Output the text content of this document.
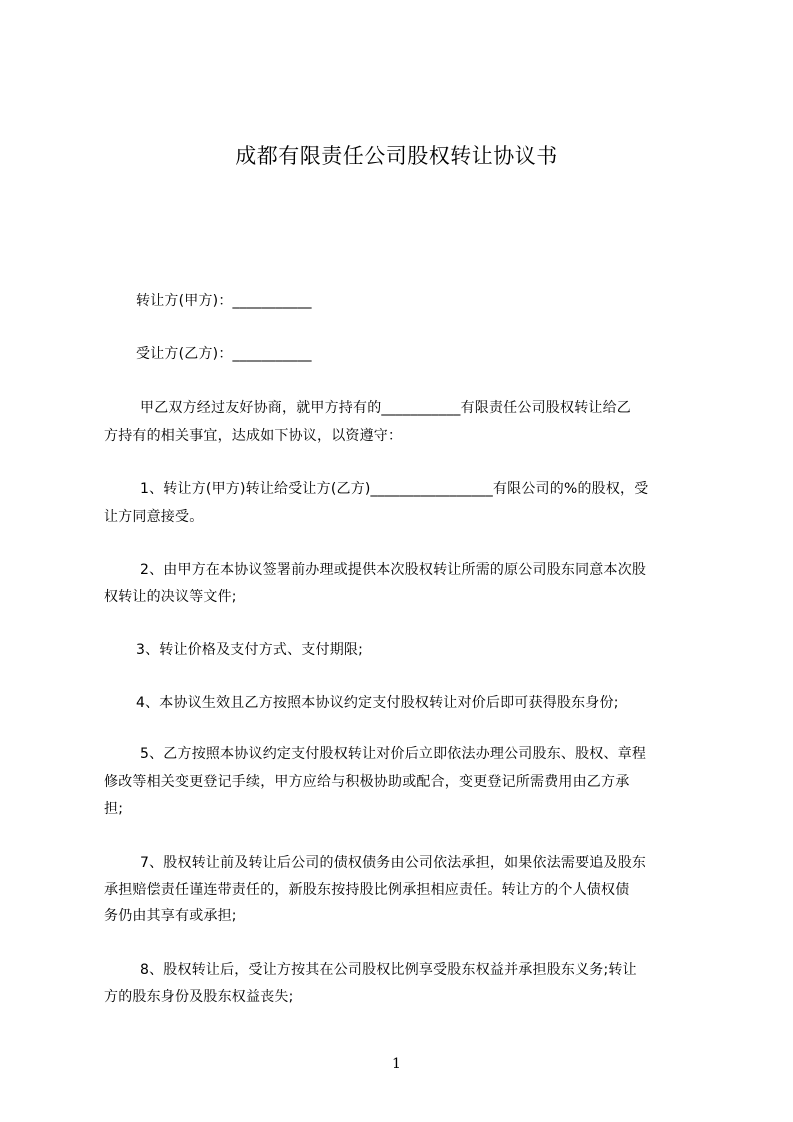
成都有限责任公司股权转让协议书
转让方(甲方)：___________
受让方(乙方)：___________
甲乙双方经过友好协商，就甲方持有的___________有限责任公司股权转让给乙
方持有的相关事宜，达成如下协议，以资遵守：
1、转让方(甲方)转让给受让方(乙方)_________________有限公司的%的股权，受
让方同意接受。
2、由甲方在本协议签署前办理或提供本次股权转让所需的原公司股东同意本次股
权转让的决议等文件;
3、转让价格及支付方式、支付期限;
4、本协议生效且乙方按照本协议约定支付股权转让对价后即可获得股东身份;
5、乙方按照本协议约定支付股权转让对价后立即依法办理公司股东、股权、章程
修改等相关变更登记手续，甲方应给与积极协助或配合，变更登记所需费用由乙方承
担;
7、股权转让前及转让后公司的债权债务由公司依法承担，如果依法需要追及股东
承担赔偿责任谨连带责任的，新股东按持股比例承担相应责任。转让方的个人债权债
务仍由其享有或承担;
8、股权转让后，受让方按其在公司股权比例享受股东权益并承担股东义务;转让
方的股东身份及股东权益丧失;
1
